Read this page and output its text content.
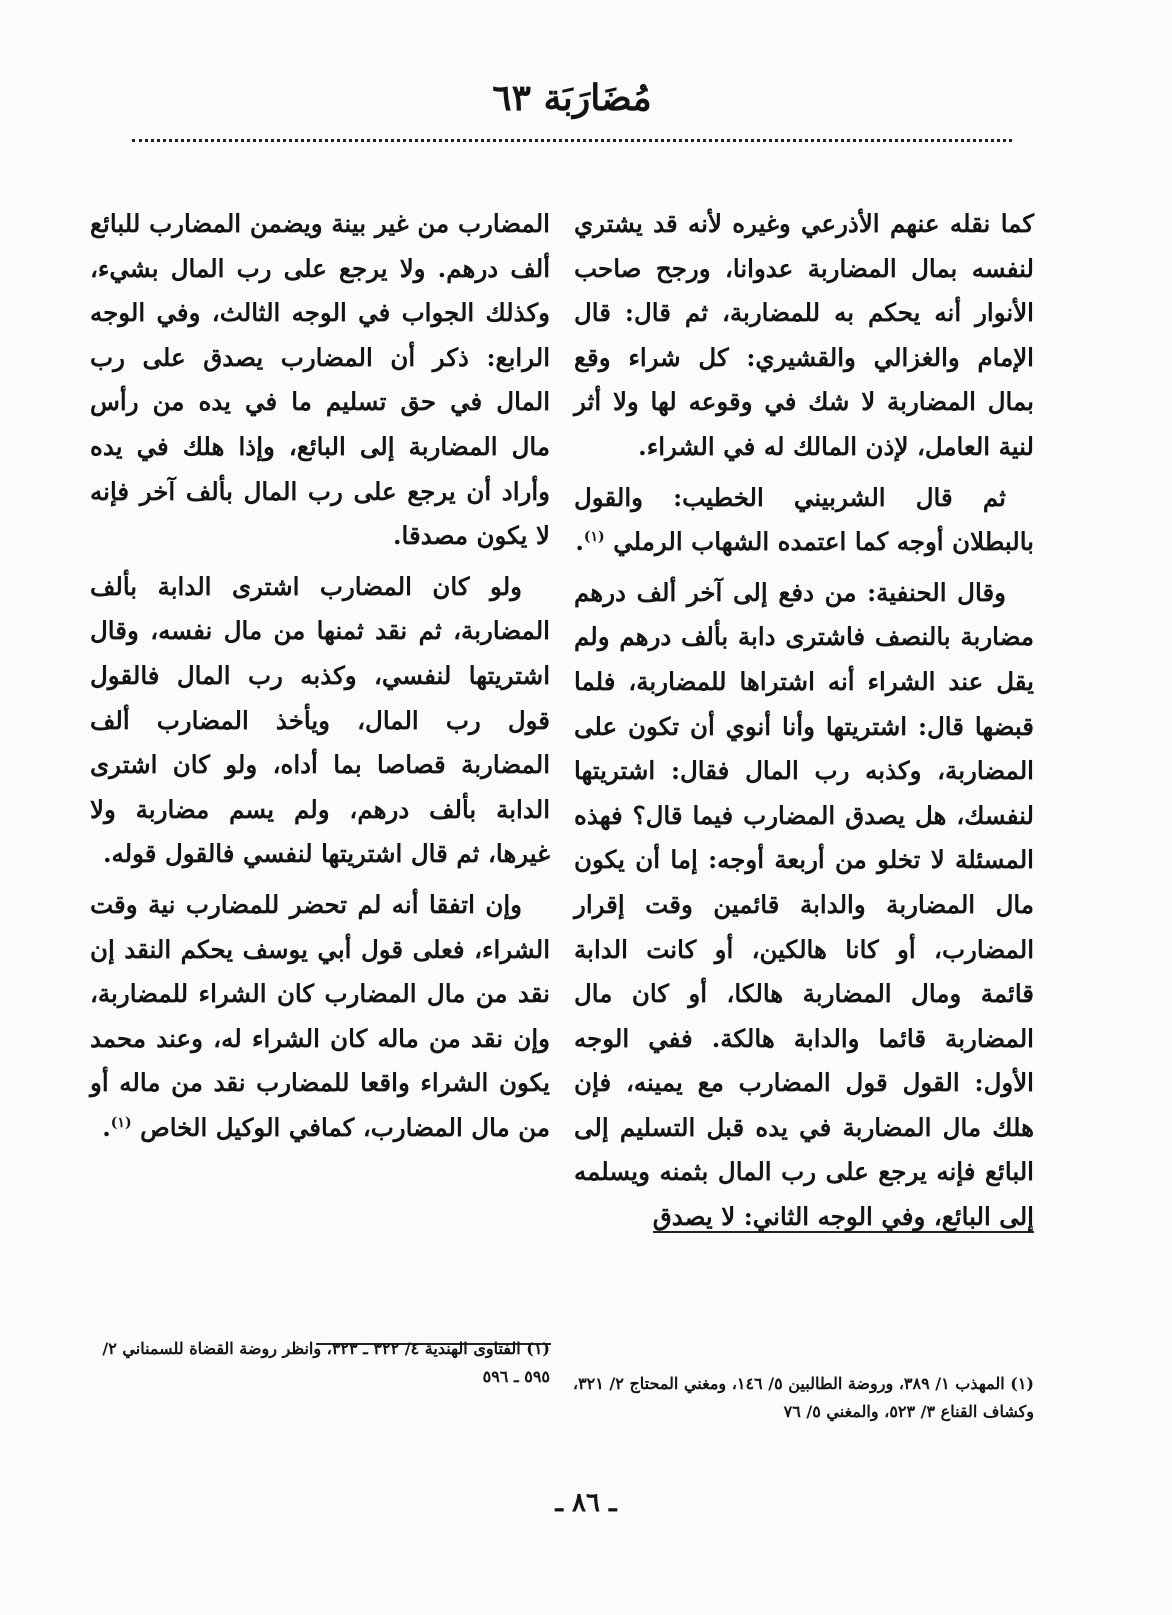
مُضَارَبَة ٦٣

كما نقله عنهم الأذرعي وغيره لأنه قد يشتري لنفسه بمال المضاربة عدوانا، ورجح صاحب الأنوار أنه يحكم به للمضاربة، ثم قال: قال الإمام والغزالي والقشيري: كل شراء وقع بمال المضاربة لا شك في وقوعه لها ولا أثر لنية العامل، لإذن المالك له في الشراء.

ثم قال الشربيني الخطيب: والقول بالبطلان أوجه كما اعتمده الشهاب الرملي $^{(١)}$.

وقال الحنفية: من دفع إلى آخر ألف درهم مضاربة بالنصف فاشترى دابة بألف درهم ولم يقل عند الشراء أنه اشتراها للمضاربة، فلما قبضها قال: اشتريتها وأنا أنوي أن تكون على المضاربة، وكذبه رب المال فقال: اشتريتها لنفسك، هل يصدق المضارب فيما قال؟ فهذه المسئلة لا تخلو من أربعة أوجه: إما أن يكون مال المضاربة والدابة قائمين وقت إقرار المضارب، أو كانا هالكين، أو كانت الدابة قائمة ومال المضاربة هالكا، أو كان مال المضاربة قائما والدابة هالكة. ففي الوجه الأول: القول قول المضارب مع يمينه، فإن هلك مال المضاربة في يده قبل التسليم إلى البائع فإنه يرجع على رب المال بثمنه ويسلمه إلى البائع، وفي الوجه الثاني: لا يصدق

المضارب من غير بينة ويضمن المضارب للبائع ألف درهم. ولا يرجع على رب المال بشيء، وكذلك الجواب في الوجه الثالث، وفي الوجه الرابع: ذكر أن المضارب يصدق على رب المال في حق تسليم ما في يده من رأس مال المضاربة إلى البائع، وإذا هلك في يده وأراد أن يرجع على رب المال بألف آخر فإنه لا يكون مصدقا.

ولو كان المضارب اشترى الدابة بألف المضاربة، ثم نقد ثمنها من مال نفسه، وقال اشتريتها لنفسي، وكذبه رب المال فالقول قول رب المال، ويأخذ المضارب ألف المضاربة قصاصا بما أداه، ولو كان اشترى الدابة بألف درهم، ولم يسم مضاربة ولا غيرها، ثم قال اشتريتها لنفسي فالقول قوله.

وإن اتفقا أنه لم تحضر للمضارب نية وقت الشراء، فعلى قول أبي يوسف يحكم النقد إن نقد من مال المضارب كان الشراء للمضاربة، وإن نقد من ماله كان الشراء له، وعند محمد يكون الشراء واقعا للمضارب نقد من ماله أو من مال المضارب، كمافي الوكيل الخاص $^{(١)}$.

(١) المهذب ١/ ٣٨٩، وروضة الطالبين ٥/ ١٤٦، ومغني المحتاج ٢/ ٣٢١، وكشاف القناع ٣/ ٥٢٣، والمغني ٥/ ٧٦
(١) الفتاوى الهندية ٤/ ٣٢٢ ـ ٣٢٣، وانظر روضة القضاة للسمناني ٢/ ٥٩٥ ـ ٥٩٦
ـ ٨٦ ـ
